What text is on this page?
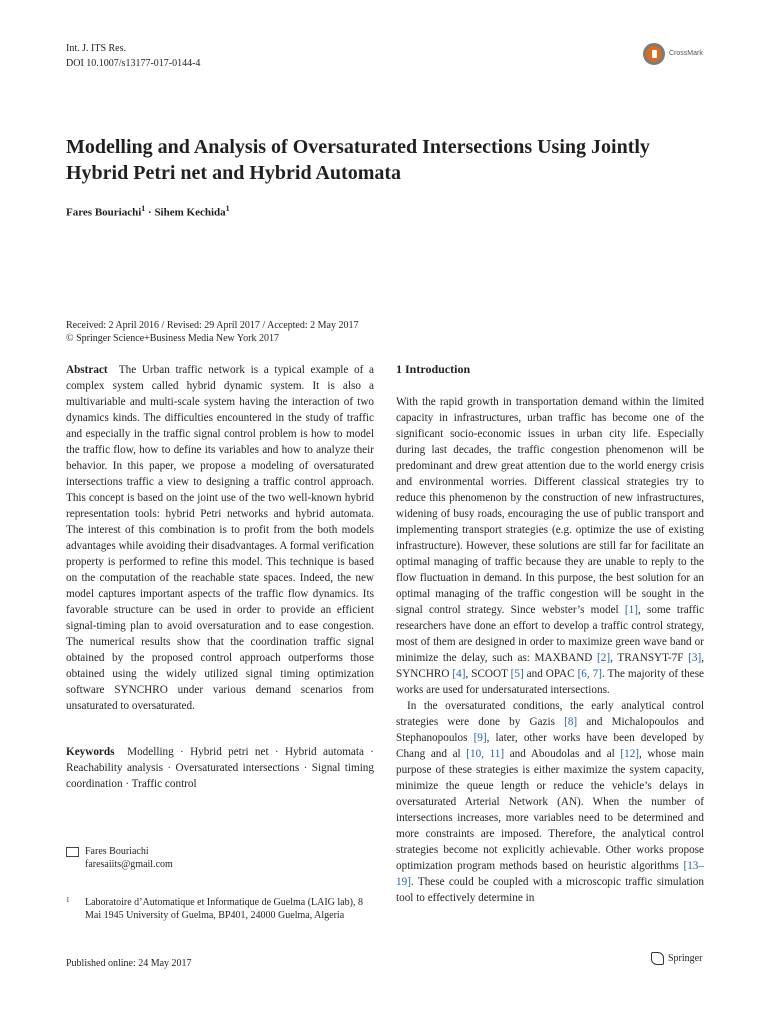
Int. J. ITS Res.
DOI 10.1007/s13177-017-0144-4
CrossMark
Modelling and Analysis of Oversaturated Intersections Using Jointly Hybrid Petri net and Hybrid Automata
Fares Bouriachi$^1$ · Sihem Kechida$^1$
Received: 2 April 2016 / Revised: 29 April 2017 / Accepted: 2 May 2017
© Springer Science+Business Media New York 2017

Abstract The Urban traffic network is a typical example of a complex system called hybrid dynamic system. It is also a multivariable and multi-scale system having the interaction of two dynamics kinds. The difficulties encountered in the study of traffic and especially in the traffic signal control problem is how to model the traffic flow, how to define its variables and how to analyze their behavior. In this paper, we propose a modeling of oversaturated intersections traffic a view to designing a traffic control approach. This concept is based on the joint use of the two well-known hybrid representation tools: hybrid Petri networks and hybrid automata. The interest of this combination is to profit from the both models advantages while avoiding their disadvantages. A formal verification property is performed to refine this model. This technique is based on the computation of the reachable state spaces. Indeed, the new model captures important aspects of the traffic flow dynamics. Its favorable structure can be used in order to provide an efficient signal-timing plan to avoid oversaturation and to ease congestion. The numerical results show that the coordination traffic signal obtained by the proposed control approach outperforms those obtained using the widely utilized signal timing optimization software SYNCHRO under various demand scenarios from unsaturated to oversaturated.

Keywords Modelling · Hybrid petri net · Hybrid automata · Reachability analysis · Oversaturated intersections · Signal timing coordination · Traffic control

Fares Bouriachi
faresaiits@gmail.com
1	Laboratoire d’Automatique et Informatique de Guelma (LAIG lab), 8 Mai 1945 University of Guelma, BP401, 24000 Guelma, Algeria
1 Introduction

With the rapid growth in transportation demand within the limited capacity in infrastructures, urban traffic has become one of the significant socio-economic issues in urban city life. Especially during last decades, the traffic congestion phenomenon will be predominant and drew great attention due to the world energy crisis and environmental worries. Different classical strategies try to reduce this phenomenon by the construction of new infrastructures, widening of busy roads, encouraging the use of public transport and implementing transport strategies (e.g. optimize the use of existing infrastructure). However, these solutions are still far for facilitate an optimal managing of traffic because they are unable to reply to the flow fluctuation in demand. In this purpose, the best solution for an optimal managing of the traffic congestion will be sought in the signal control strategy. Since webster’s model [1], some traffic researchers have done an effort to develop a traffic control strategy, most of them are designed in order to maximize green wave band or minimize the delay, such as: MAXBAND [2], TRANSYT-7F [3], SYNCHRO [4], SCOOT [5] and OPAC [6, 7]. The majority of these works are used for undersaturated intersections.

In the oversaturated conditions, the early analytical control strategies were done by Gazis [8] and Michalopoulos and Stephanopoulos [9], later, other works have been developed by Chang and al [10, 11] and Aboudolas and al [12], whose main purpose of these strategies is either maximize the system capacity, minimize the queue length or reduce the vehicle’s delays in oversaturated Arterial Network (AN). When the number of intersections increases, more variables need to be determined and more constraints are imposed. Therefore, the analytical control strategies become not explicitly achievable. Other works propose optimization program methods based on heuristic algorithms [13–19]. These could be coupled with a microscopic traffic simulation tool to effectively determine in

Published online: 24 May 2017	Springer
